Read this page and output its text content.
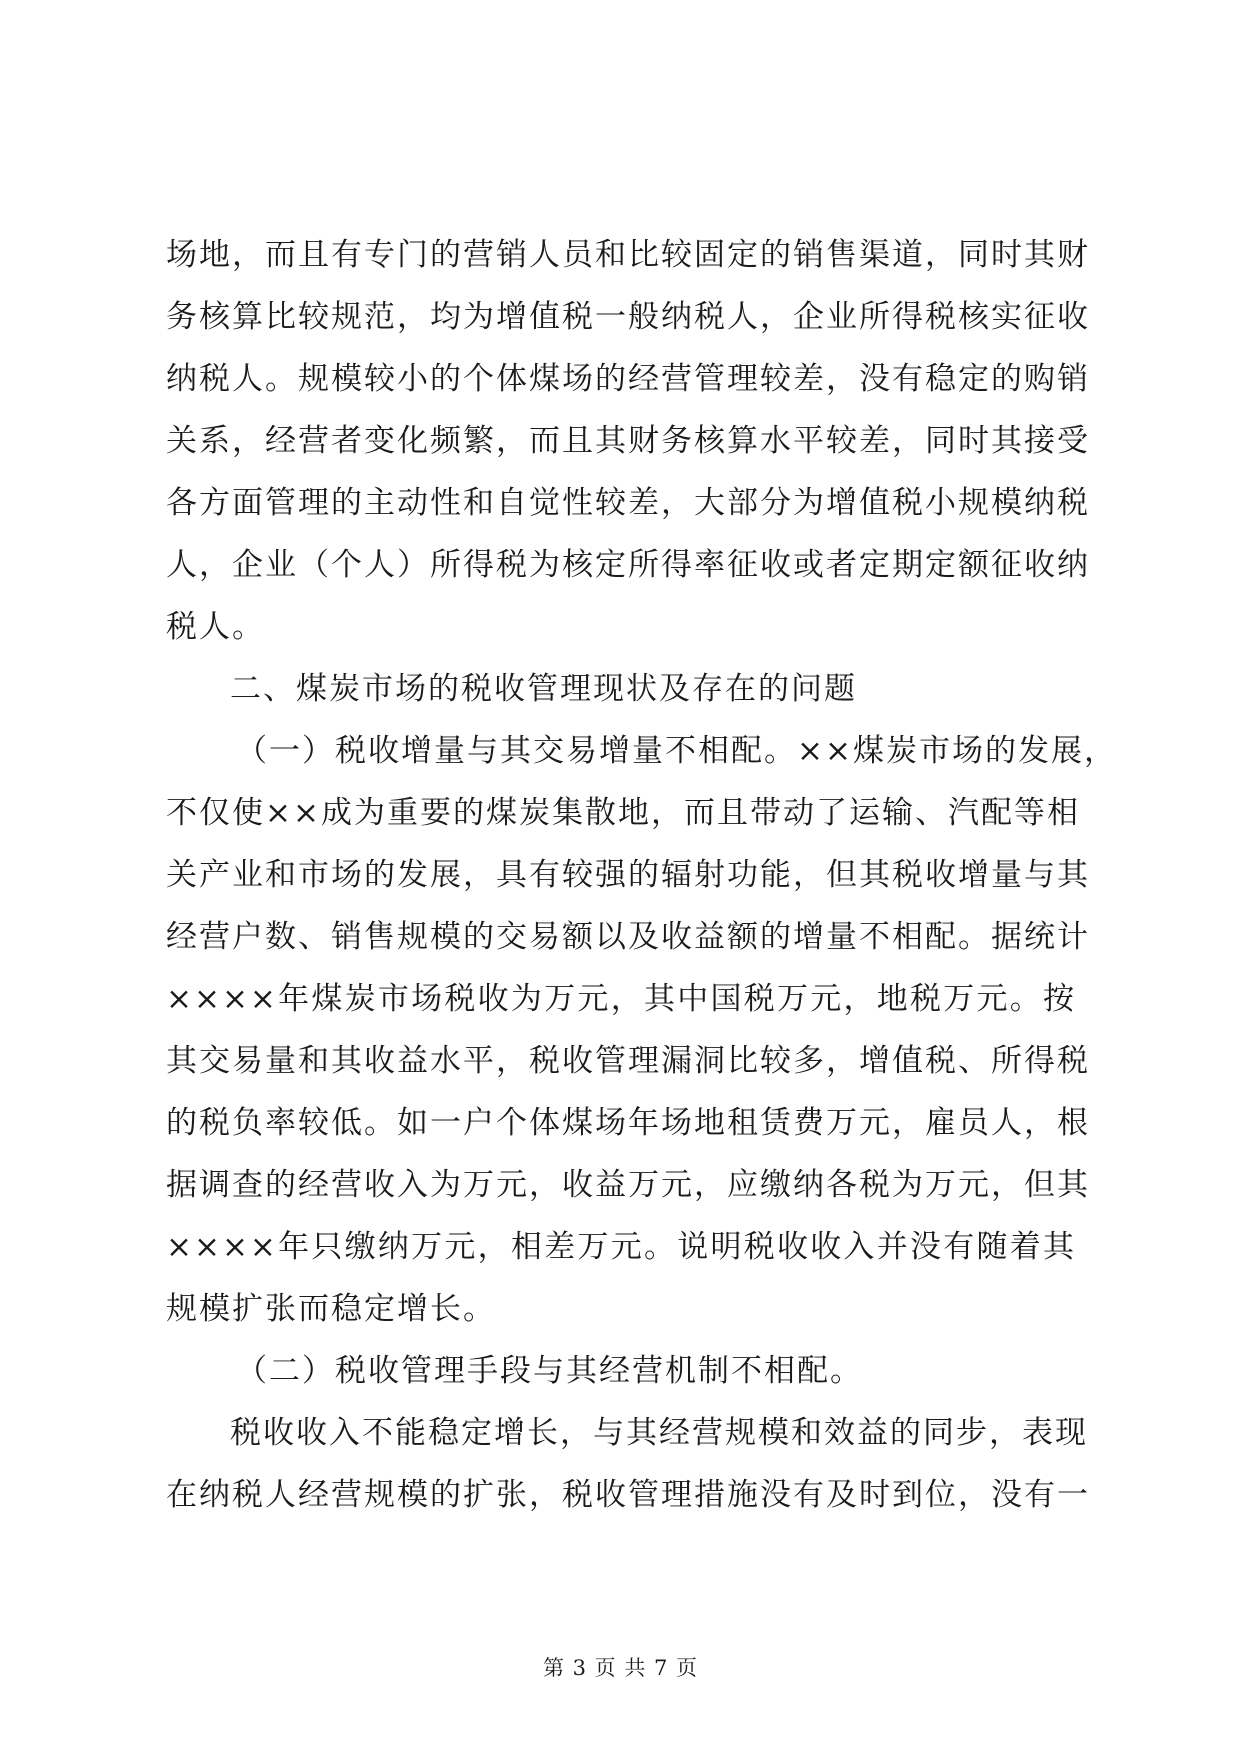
场地，而且有专门的营销人员和比较固定的销售渠道，同时其财
务核算比较规范，均为增值税一般纳税人，企业所得税核实征收
纳税人。规模较小的个体煤场的经营管理较差，没有稳定的购销
关系，经营者变化频繁，而且其财务核算水平较差，同时其接受
各方面管理的主动性和自觉性较差，大部分为增值税小规模纳税
人，企业（个人）所得税为核定所得率征收或者定期定额征收纳
税人。
二、煤炭市场的税收管理现状及存在的问题
（一）税收增量与其交易增量不相配。××煤炭市场的发展，
不仅使××成为重要的煤炭集散地，而且带动了运输、汽配等相
关产业和市场的发展，具有较强的辐射功能，但其税收增量与其
经营户数、销售规模的交易额以及收益额的增量不相配。据统计
××××年煤炭市场税收为万元，其中国税万元，地税万元。按
其交易量和其收益水平，税收管理漏洞比较多，增值税、所得税
的税负率较低。如一户个体煤场年场地租赁费万元，雇员人，根
据调查的经营收入为万元，收益万元，应缴纳各税为万元，但其
××××年只缴纳万元，相差万元。说明税收收入并没有随着其
规模扩张而稳定增长。
（二）税收管理手段与其经营机制不相配。
税收收入不能稳定增长，与其经营规模和效益的同步，表现
在纳税人经营规模的扩张，税收管理措施没有及时到位，没有一
第 3 页 共 7 页
